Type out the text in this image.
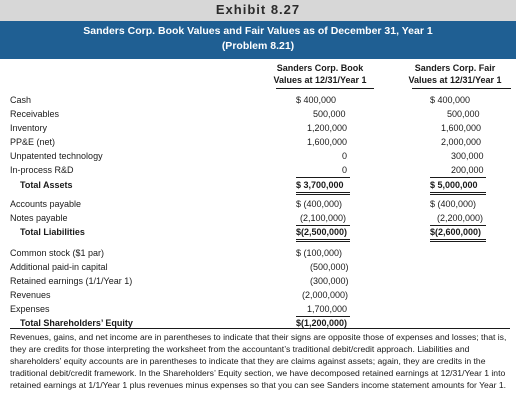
Exhibit 8.27
Sanders Corp. Book Values and Fair Values as of December 31, Year 1
(Problem 8.21)
Sanders Corp. Book
Values at 12/31/Year 1
Sanders Corp. Fair
Values at 12/31/Year 1
Cash	$ 400,000	$ 400,000
Receivables	500,000	500,000
Inventory	1,200,000	1,600,000
PP&E (net)	1,600,000	2,000,000
Unpatented technology	0	300,000
In-process R&D	0	200,000
Total Assets	$ 3,700,000	$ 5,000,000
Accounts payable	$ (400,000)	$ (400,000)
Notes payable	(2,100,000)	(2,200,000)
Total Liabilities	$(2,500,000)	$(2,600,000)
Common stock ($1 par)	$ (100,000)
Additional paid-in capital	(500,000)
Retained earnings (1/1/Year 1)	(300,000)
Revenues	(2,000,000)
Expenses	1,700,000
Total Shareholders’ Equity	$(1,200,000)
Revenues, gains, and net income are in parentheses to indicate that their signs are opposite those of expenses and losses; that is, they are credits for those interpreting the worksheet from the accountant’s traditional debit/credit approach. Liabilities and shareholders’ equity accounts are in parentheses to indicate that they are claims against assets; again, they are credits in the traditional debit/credit framework. In the Shareholders’ Equity section, we have decomposed retained earnings at 12/31/Year 1 into retained earnings at 1/1/Year 1 plus revenues minus expenses so that you can see Sanders income statement amounts for Year 1.
